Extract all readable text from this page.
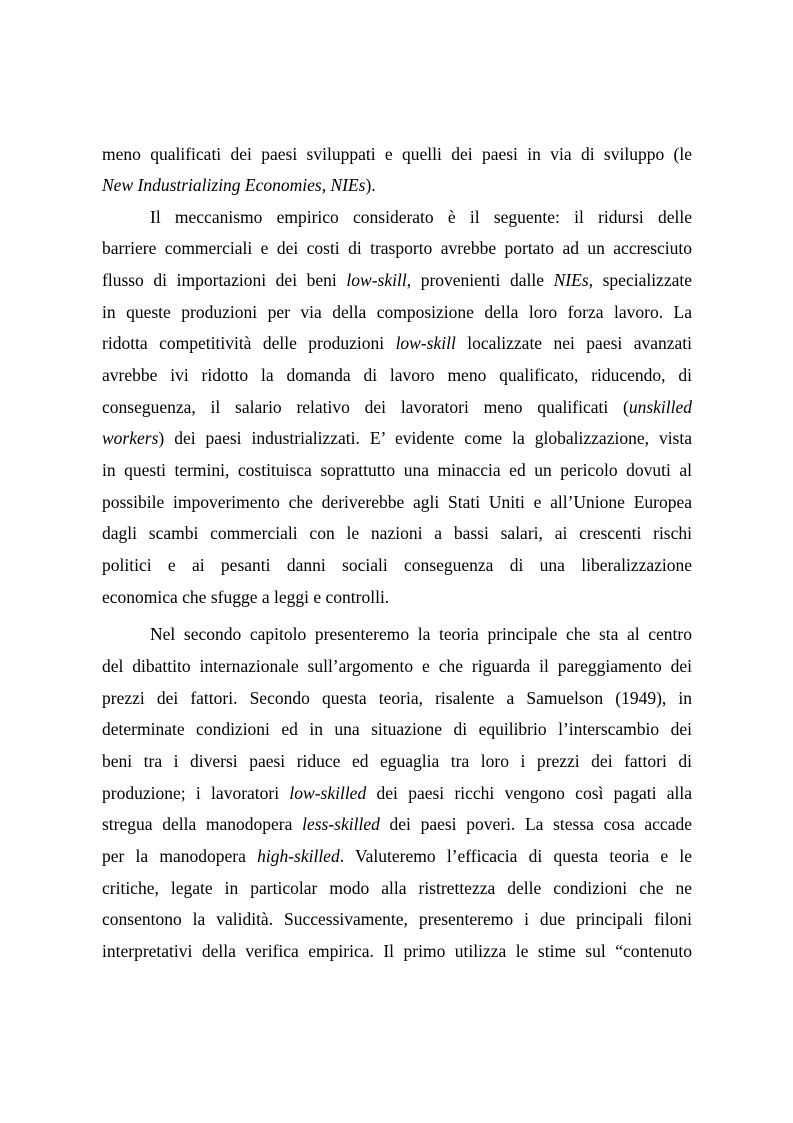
meno qualificati dei paesi sviluppati e quelli dei paesi in via di sviluppo (le
New Industrializing Economies, NIEs).
Il meccanismo empirico considerato è il seguente: il ridursi delle
barriere commerciali e dei costi di trasporto avrebbe portato ad un accresciuto
flusso di importazioni dei beni low-skill, provenienti dalle NIEs, specializzate
in queste produzioni per via della composizione della loro forza lavoro. La
ridotta competitività delle produzioni low-skill localizzate nei paesi avanzati
avrebbe ivi ridotto la domanda di lavoro meno qualificato, riducendo, di
conseguenza, il salario relativo dei lavoratori meno qualificati (unskilled
workers) dei paesi industrializzati. E’ evidente come la globalizzazione, vista
in questi termini, costituisca soprattutto una minaccia ed un pericolo dovuti al
possibile impoverimento che deriverebbe agli Stati Uniti e all’Unione Europea
dagli scambi commerciali con le nazioni a bassi salari, ai crescenti rischi
politici e ai pesanti danni sociali conseguenza di una liberalizzazione
economica che sfugge a leggi e controlli.
Nel secondo capitolo presenteremo la teoria principale che sta al centro
del dibattito internazionale sull’argomento e che riguarda il pareggiamento dei
prezzi dei fattori. Secondo questa teoria, risalente a Samuelson (1949), in
determinate condizioni ed in una situazione di equilibrio l’interscambio dei
beni tra i diversi paesi riduce ed eguaglia tra loro i prezzi dei fattori di
produzione; i lavoratori low-skilled dei paesi ricchi vengono così pagati alla
stregua della manodopera less-skilled dei paesi poveri. La stessa cosa accade
per la manodopera high-skilled. Valuteremo l’efficacia di questa teoria e le
critiche, legate in particolar modo alla ristrettezza delle condizioni che ne
consentono la validità. Successivamente, presenteremo i due principali filoni
interpretativi della verifica empirica. Il primo utilizza le stime sul “contenuto
